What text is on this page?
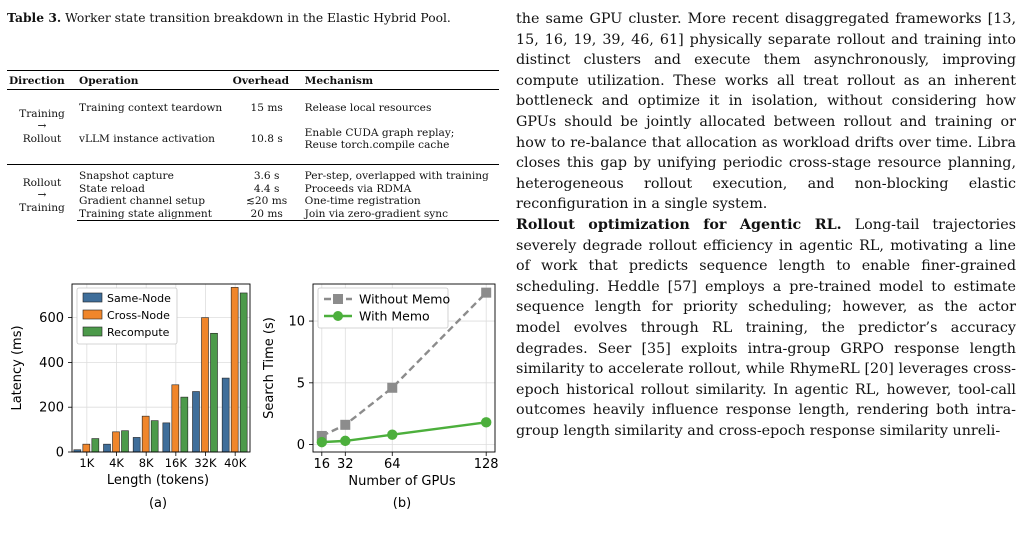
Table 3. Worker state transition breakdown in the Elastic Hybrid Pool.
Direction	Operation	Overhead	Mechanism

Training
→
Rollout	Training context teardown	15 ms	Release local resources
	vLLM instance activation	10.8 s	Enable CUDA graph replay;
Reuse torch.compile cache

Rollout
→
Training	Snapshot capture	3.6 s	Per-step, overlapped with training
	State reload	4.4 s	Proceeds via RDMA
	Gradient channel setup	≲20 ms	One-time registration
	Training state alignment	20 ms	Join via zero-gradient sync
1K 4K 8K 16K 32K 40K
0
200
400
600
Latency (ms)
Length (tokens)
(a)
Same-Node
Cross-Node
Recompute
16 32 64	128
0
5
10
Search Time (s)
Number of GPUs
(b)
Without Memo
With Memo

the same GPU cluster. More recent disaggregated frameworks [13, 15, 16, 19, 39, 46, 61] physically separate rollout and training into distinct clusters and execute them asynchronously, improving compute utilization. These works all treat rollout as an inherent bottleneck and optimize it in isolation, without considering how GPUs should be jointly allocated between rollout and training or how to re-balance that allocation as workload drifts over time. Libra closes this gap by unifying periodic cross-stage resource planning, heterogeneous rollout execution, and non-blocking elastic reconfiguration in a single system.

Rollout optimization for Agentic RL. Long-tail trajectories severely degrade rollout efficiency in agentic RL, motivating a line of work that predicts sequence length to enable finer-grained scheduling. Heddle [57] employs a pre-trained model to estimate sequence length for priority scheduling; however, as the actor model evolves through RL training, the predictor’s accuracy degrades. Seer [35] exploits intra-group GRPO response length similarity to accelerate rollout, while RhymeRL [20] leverages cross-epoch historical rollout similarity. In agentic RL, however, tool-call outcomes heavily influence response length, rendering both intra-group length similarity and cross-epoch response similarity unreli-
